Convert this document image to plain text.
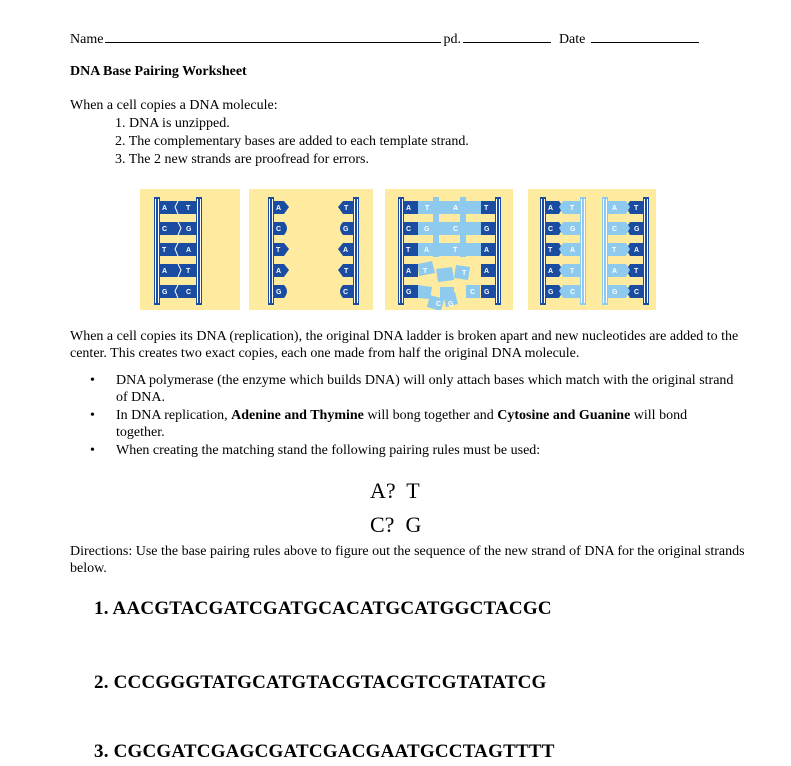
Name	pd.	Date
DNA Base Pairing Worksheet
When a cell copies a DNA molecule:
1. DNA is unzipped.
2. The complementary bases are added to each template strand.
3. The 2 new strands are proofread for errors.
A	T
C	G
T	A
A	T
G	C
A	T
C	G
T	A
A	T
G	C
A T	A	T
C G	C	G
T A	T	A
A T	T	A
G	C G
C G
A T	A T
C G	C G
T	A	T	A
A T	A T
G C	G C
When a cell copies its DNA (replication), the original DNA ladder is broken apart and new nucleotides are added to the center. This creates two exact copies, each one made from half the original DNA molecule.
• DNA polymerase (the enzyme which builds DNA) will only attach bases which match with the original strand of DNA.
• In DNA replication, Adenine and Thymine will bong together and Cytosine and Guanine will bond together.
• When creating the matching stand the following pairing rules must be used:
A?  T
C?  G
Directions: Use the base pairing rules above to figure out the sequence of the new strand of DNA for the original strands below.
1. AACGTACGATCGATGCACATGCATGGCTACGC
2. CCCGGGTATGCATGTACGTACGTCGTATATCG
3. CGCGATCGAGCGATCGACGAATGCCTAGTTTT
